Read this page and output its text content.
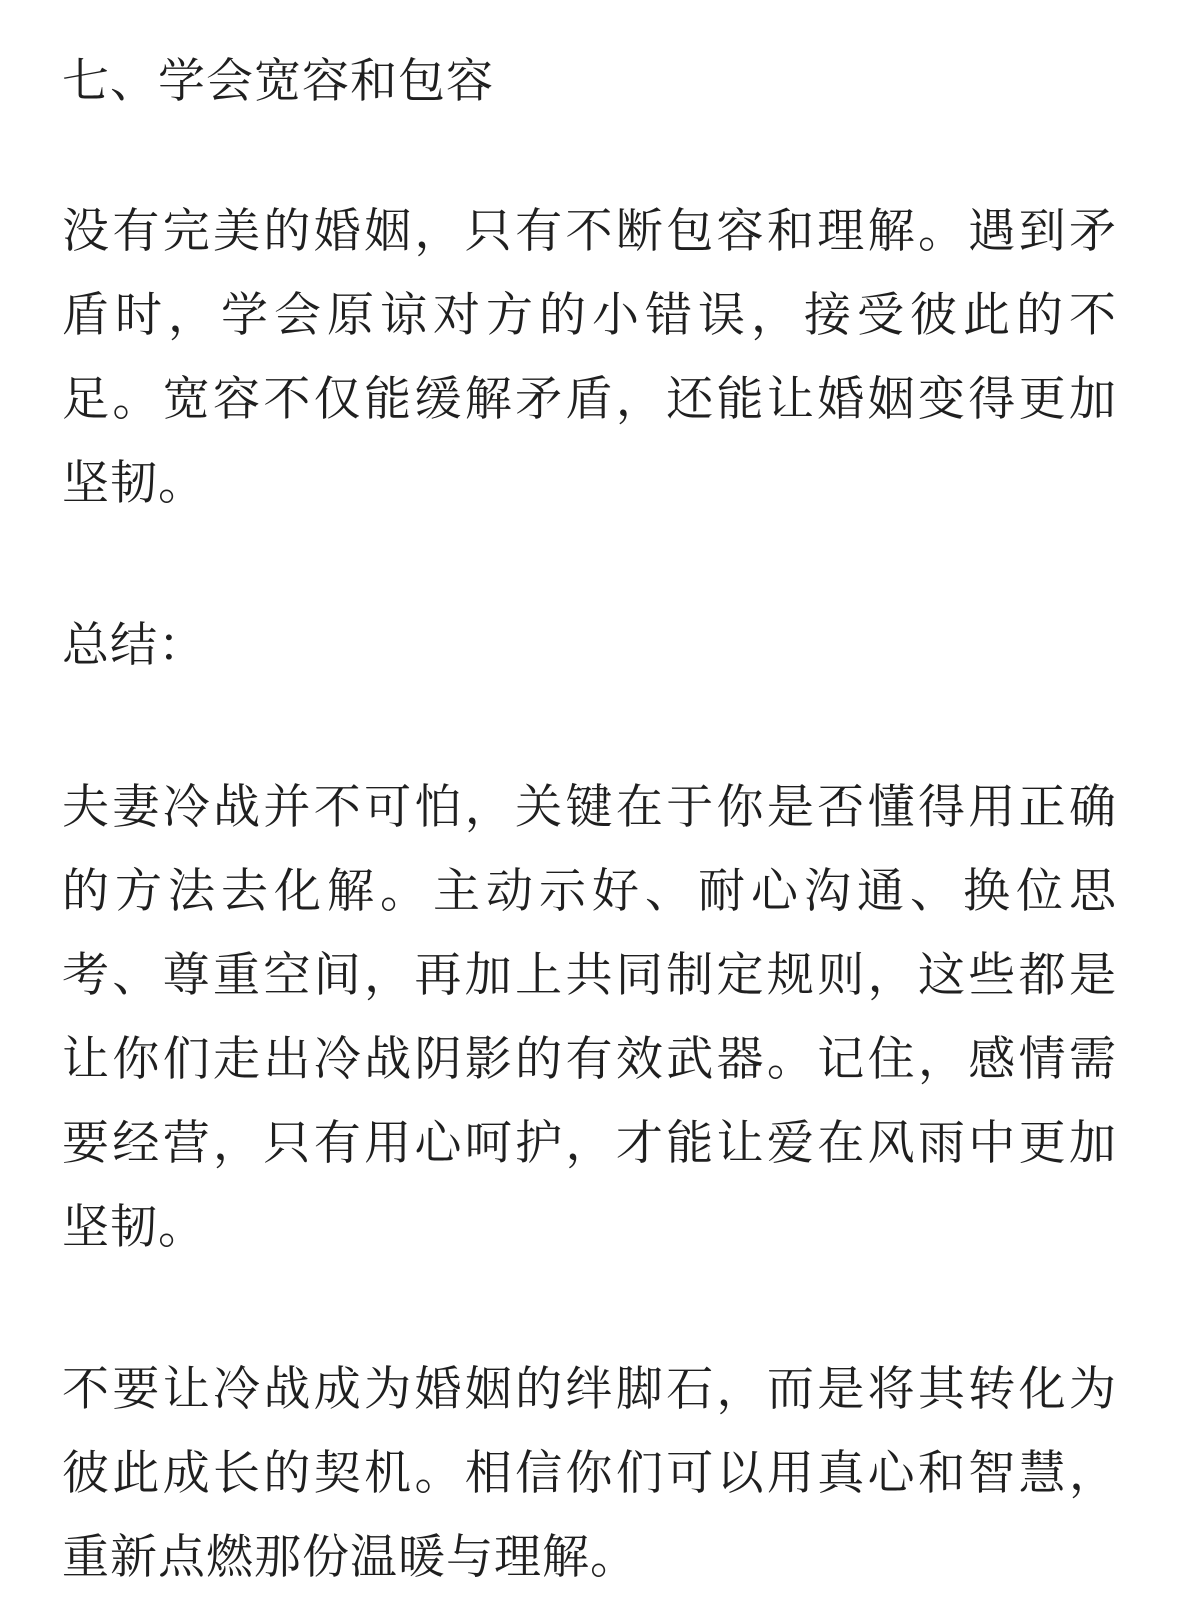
七、学会宽容和包容

没有完美的婚姻，只有不断包容和理解。遇到矛盾时，学会原谅对方的小错误，接受彼此的不足。宽容不仅能缓解矛盾，还能让婚姻变得更加坚韧。

总结：

夫妻冷战并不可怕，关键在于你是否懂得用正确的方法去化解。主动示好、耐心沟通、换位思考、尊重空间，再加上共同制定规则，这些都是让你们走出冷战阴影的有效武器。记住，感情需要经营，只有用心呵护，才能让爱在风雨中更加坚韧。

不要让冷战成为婚姻的绊脚石，而是将其转化为彼此成长的契机。相信你们可以用真心和智慧，重新点燃那份温暖与理解。
